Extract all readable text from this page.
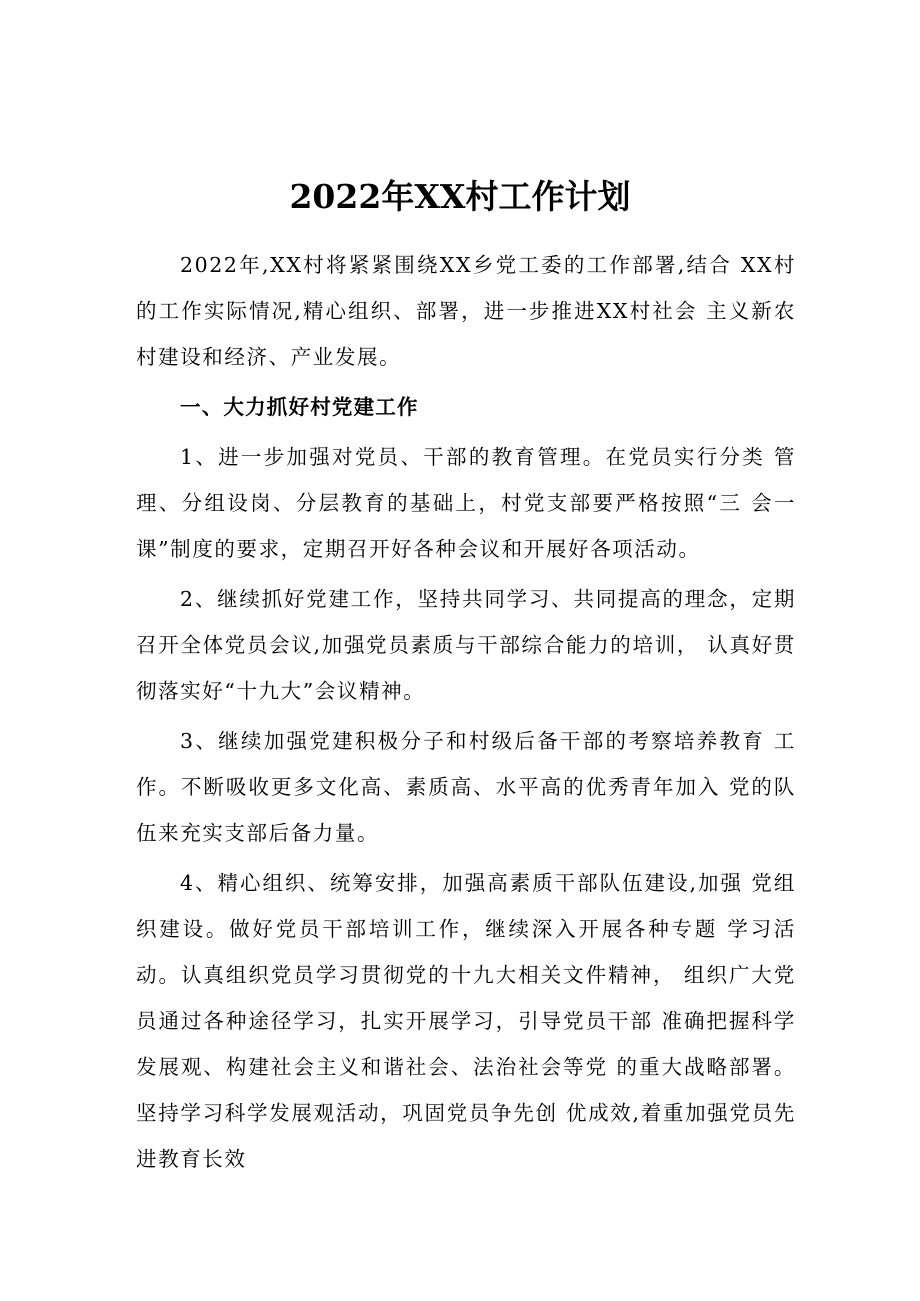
2022年XX村工作计划

2022年,XX村将紧紧围绕XX乡党工委的工作部署,结合 XX村的工作实际情况,精心组织、部署，进一步推进XX村社会 主义新农村建设和经济、产业发展。

一、大力抓好村党建工作

1、进一步加强对党员、干部的教育管理。在党员实行分类 管理、分组设岗、分层教育的基础上，村党支部要严格按照“三 会一课”制度的要求，定期召开好各种会议和开展好各项活动。

2、继续抓好党建工作，坚持共同学习、共同提高的理念，定期召开全体党员会议,加强党员素质与干部综合能力的培训， 认真好贯彻落实好“十九大”会议精神。

3、继续加强党建积极分子和村级后备干部的考察培养教育 工作。不断吸收更多文化高、素质高、水平高的优秀青年加入 党的队伍来充实支部后备力量。

4、精心组织、统筹安排，加强高素质干部队伍建设,加强 党组织建设。做好党员干部培训工作，继续深入开展各种专题 学习活动。认真组织党员学习贯彻党的十九大相关文件精神， 组织广大党员通过各种途径学习，扎实开展学习，引导党员干部 准确把握科学发展观、构建社会主义和谐社会、法治社会等党 的重大战略部署。坚持学习科学发展观活动，巩固党员争先创 优成效,着重加强党员先进教育长效
